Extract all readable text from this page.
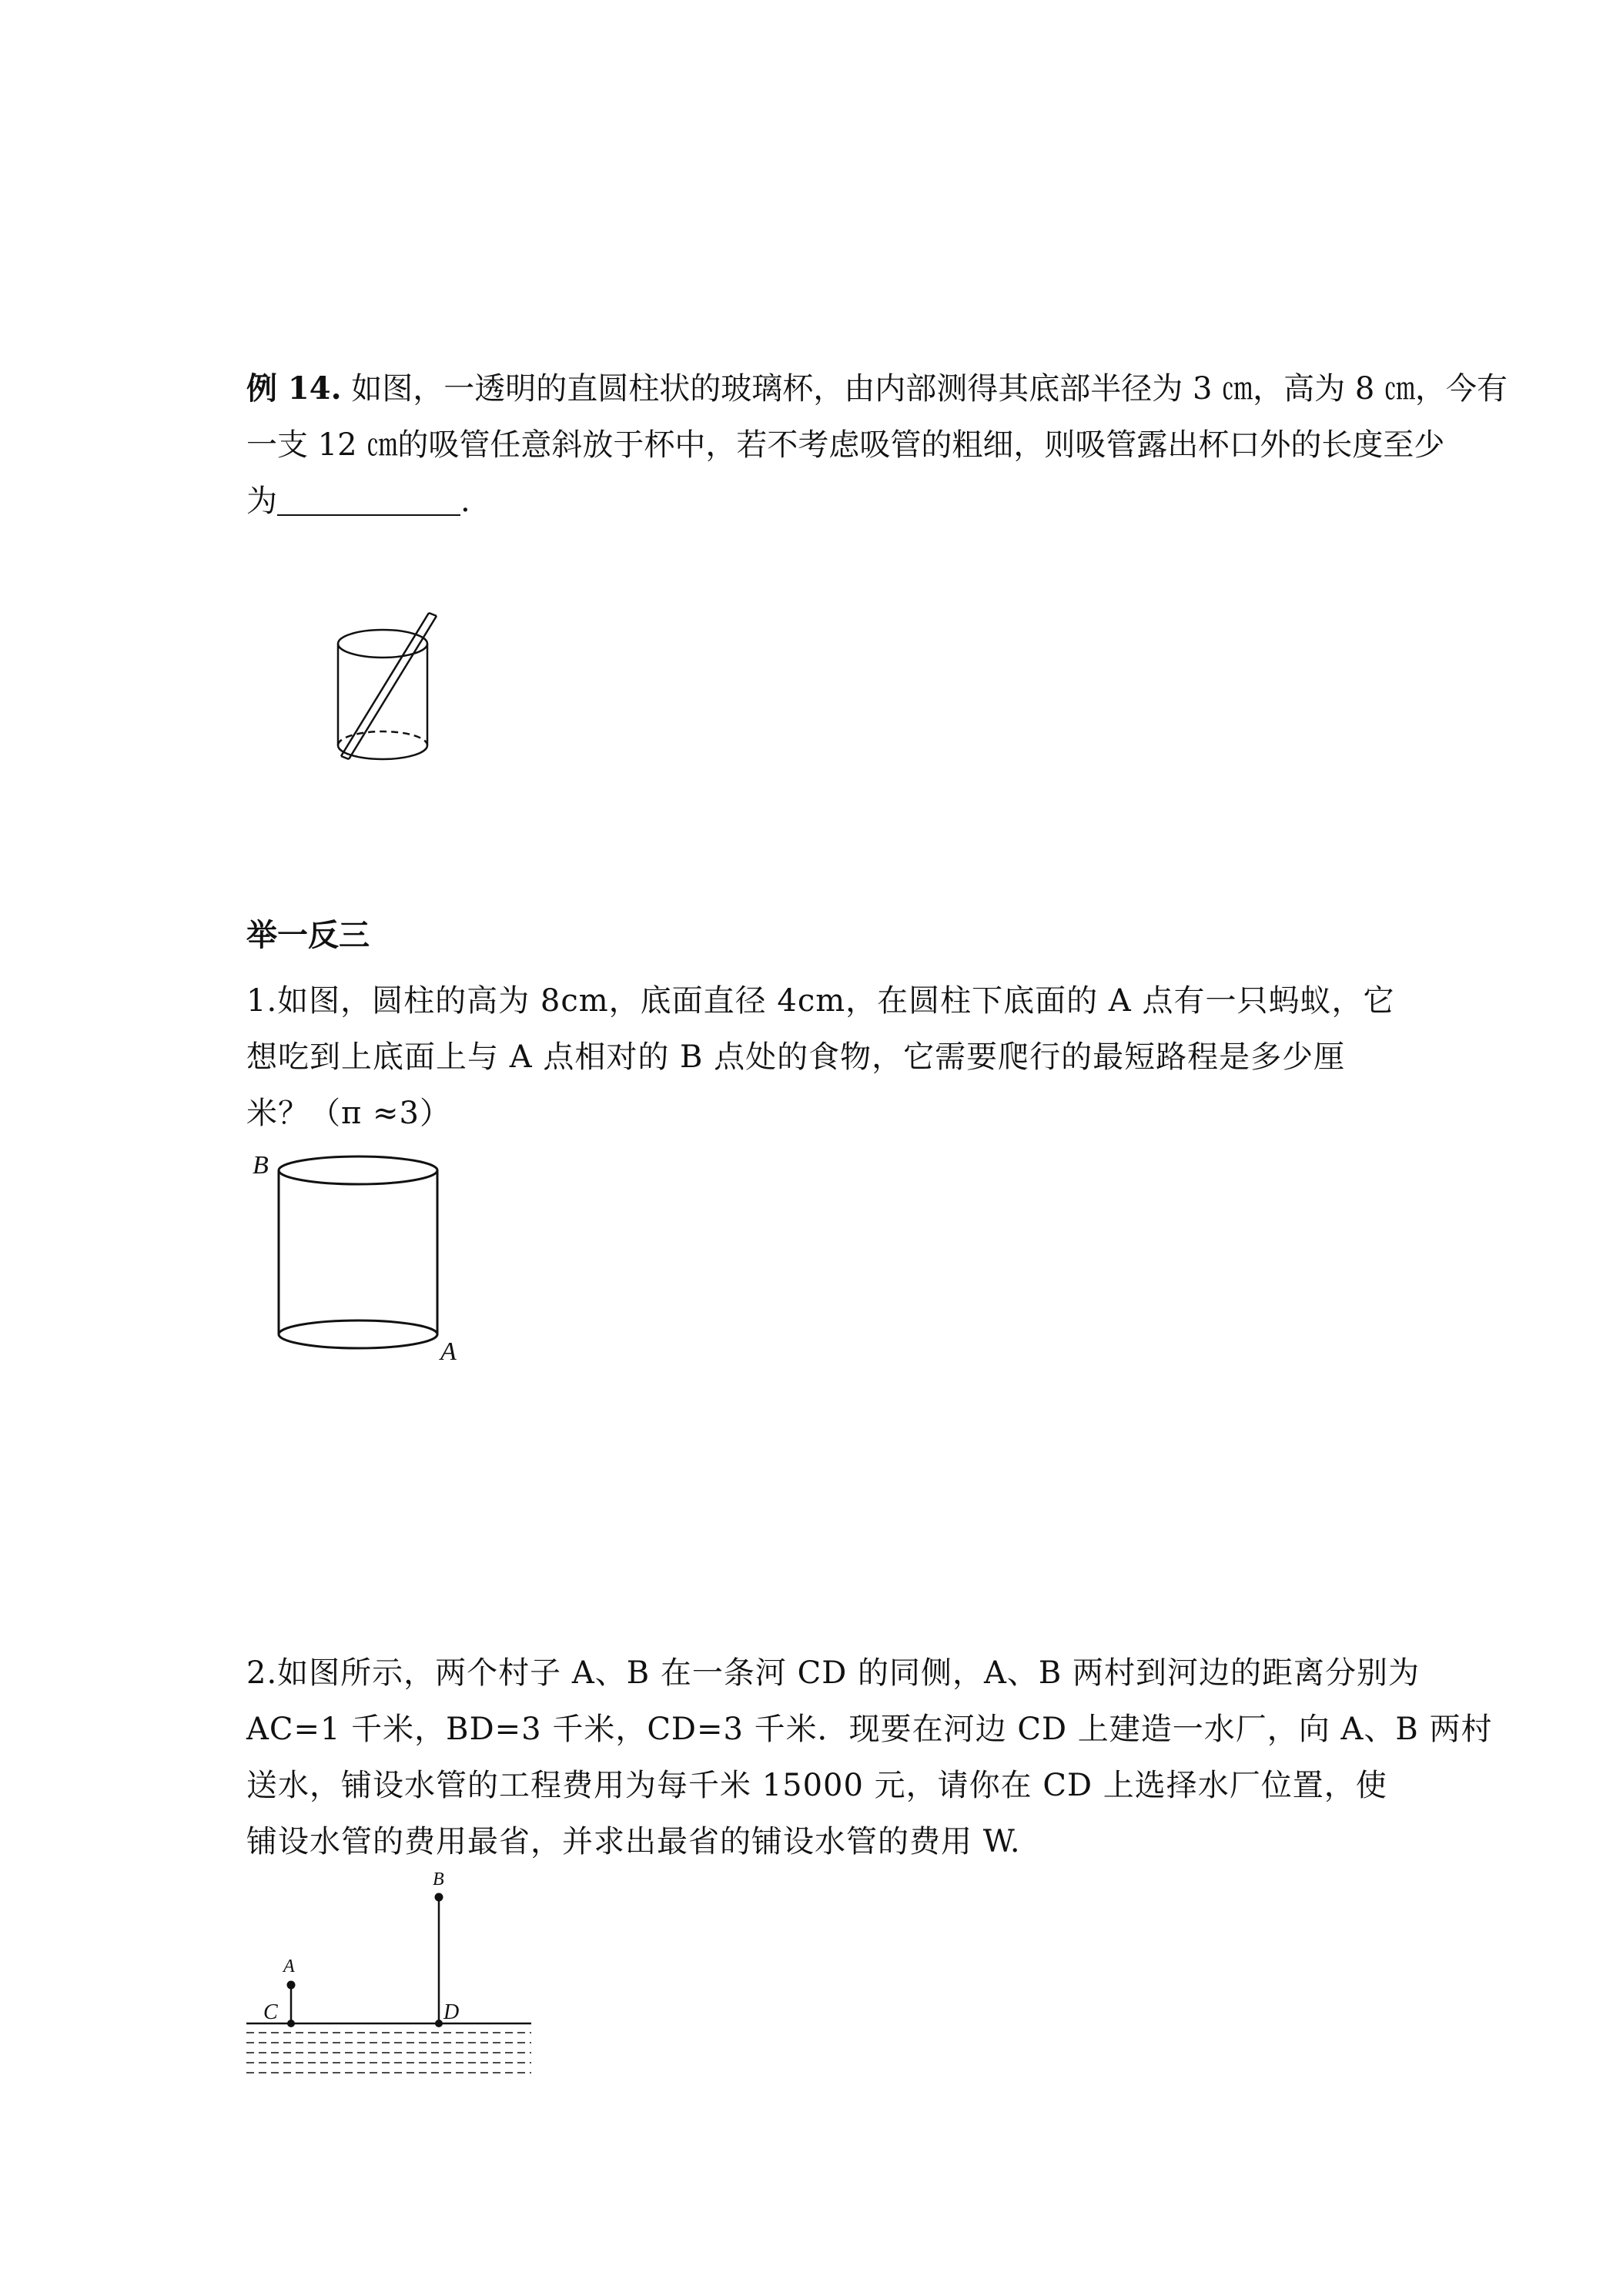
例 14. 如图，一透明的直圆柱状的玻璃杯，由内部测得其底部半径为 3 ㎝，高为 8 ㎝，今有
一支 12 ㎝的吸管任意斜放于杯中，若不考虑吸管的粗细，则吸管露出杯口外的长度至少
为	.
举一反三
1.如图，圆柱的高为 8cm，底面直径 4cm，在圆柱下底面的 A 点有一只蚂蚁，它
想吃到上底面上与 A 点相对的 B 点处的食物，它需要爬行的最短路程是多少厘
米？（π ≈3）
B
A
2.如图所示，两个村子 A、B 在一条河 CD 的同侧，A、B 两村到河边的距离分别为
AC=1 千米，BD=3 千米，CD=3 千米．现要在河边 CD 上建造一水厂，向 A、B 两村
送水，铺设水管的工程费用为每千米 15000 元，请你在 CD 上选择水厂位置，使
铺设水管的费用最省，并求出最省的铺设水管的费用 W.
A
B
C	D
